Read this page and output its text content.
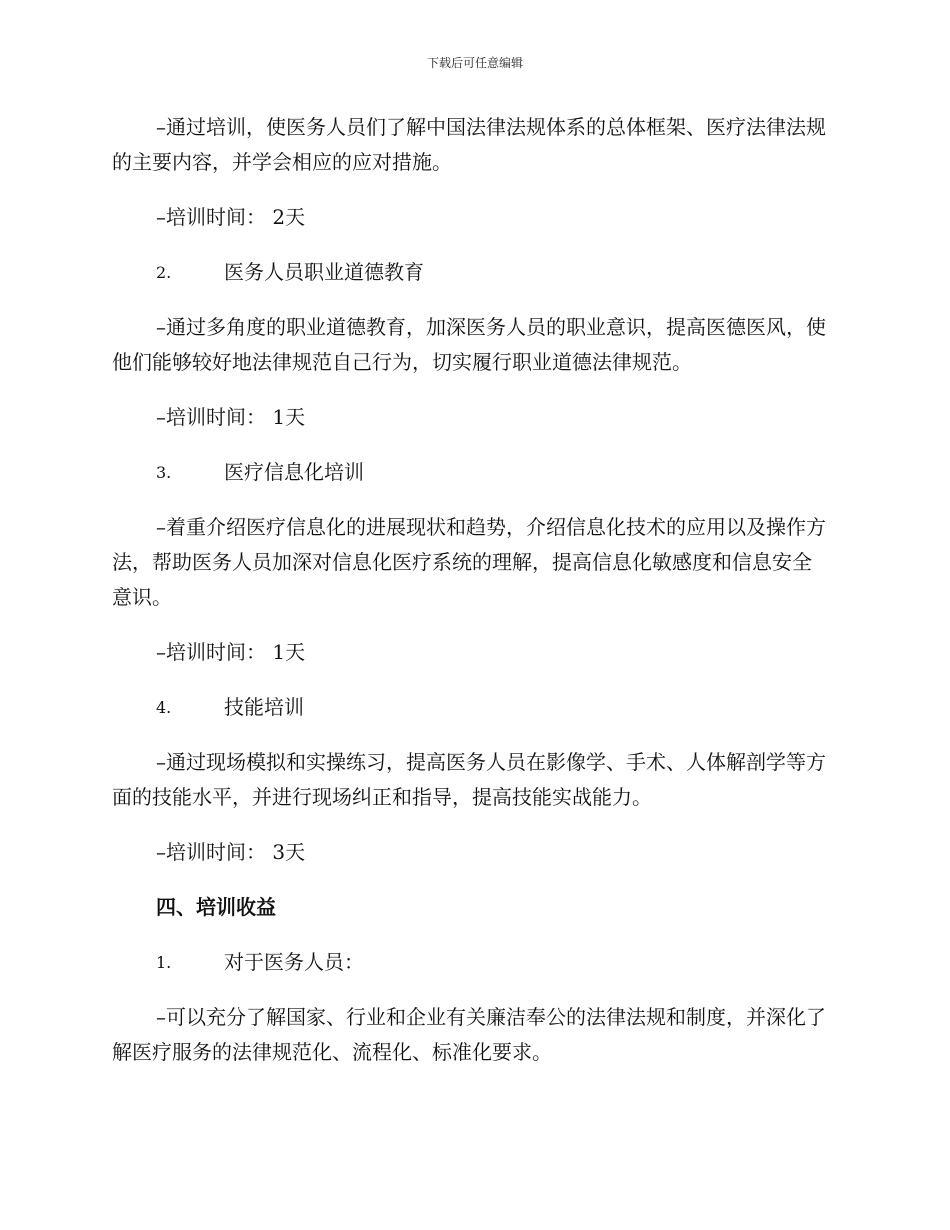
下载后可任意编辑

–通过培训，使医务人员们了解中国法律法规体系的总体框架、医疗法律法规的主要内容，并学会相应的应对措施。

–培训时间： 2天

2.	医务人员职业道德教育

–通过多角度的职业道德教育，加深医务人员的职业意识，提高医德医风，使他们能够较好地法律规范自己行为，切实履行职业道德法律规范。

–培训时间： 1天

3.	医疗信息化培训

–着重介绍医疗信息化的进展现状和趋势，介绍信息化技术的应用以及操作方法，帮助医务人员加深对信息化医疗系统的理解，提高信息化敏感度和信息安全意识。

–培训时间： 1天

4.	技能培训

–通过现场模拟和实操练习，提高医务人员在影像学、手术、人体解剖学等方面的技能水平，并进行现场纠正和指导，提高技能实战能力。

–培训时间： 3天

四、培训收益
1.	对于医务人员：

–可以充分了解国家、行业和企业有关廉洁奉公的法律法规和制度，并深化了解医疗服务的法律规范化、流程化、标准化要求。
